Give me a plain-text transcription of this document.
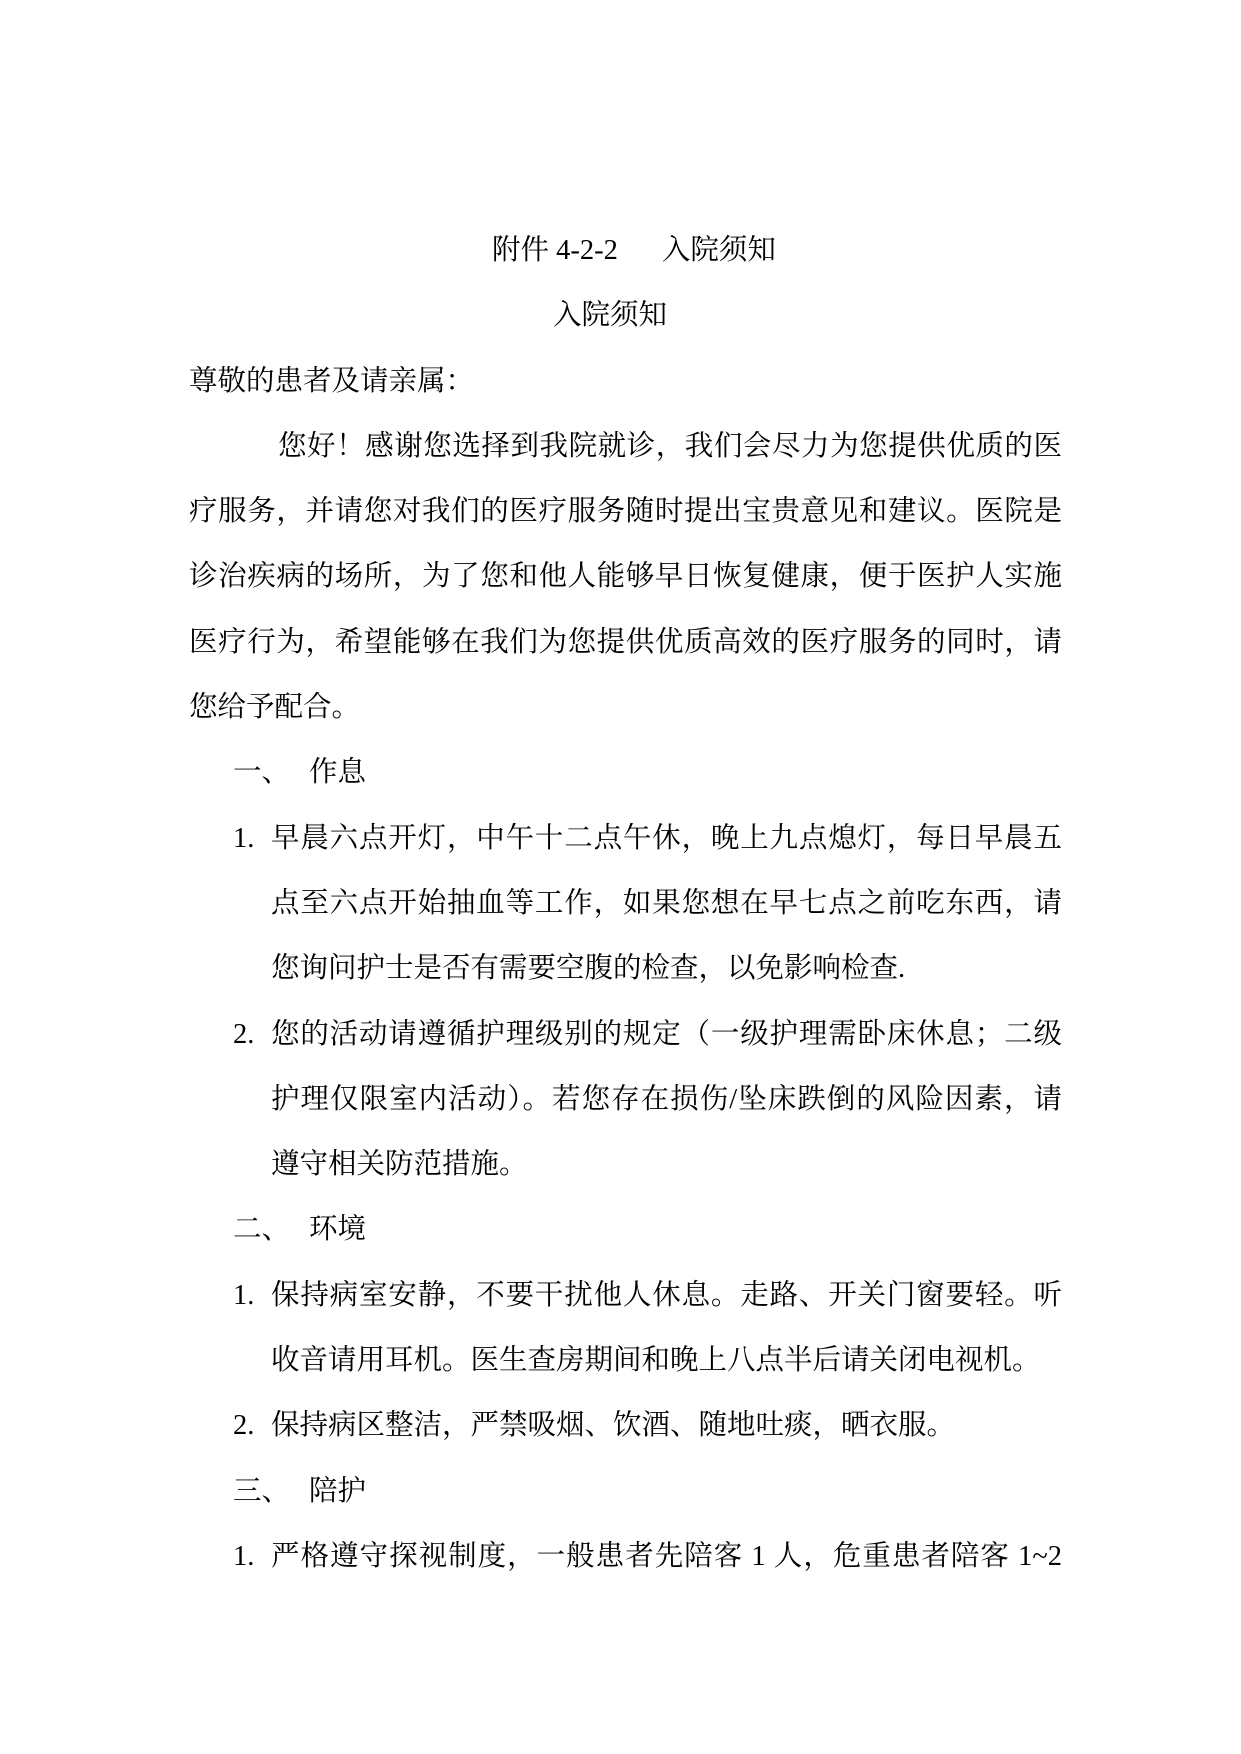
附件 4-2-2 入院须知
入院须知
尊敬的患者及请亲属：
您好！感谢您选择到我院就诊，我们会尽力为您提供优质的医
疗服务，并请您对我们的医疗服务随时提出宝贵意见和建议。医院是
诊治疾病的场所，为了您和他人能够早日恢复健康，便于医护人实施
医疗行为，希望能够在我们为您提供优质高效的医疗服务的同时，请
您给予配合。
一、 作息
1. 早晨六点开灯，中午十二点午休，晚上九点熄灯，每日早晨五
点至六点开始抽血等工作，如果您想在早七点之前吃东西，请
您询问护士是否有需要空腹的检查，以免影响检查.
2. 您的活动请遵循护理级别的规定（一级护理需卧床休息；二级
护理仅限室内活动）。若您存在损伤/坠床跌倒的风险因素，请
遵守相关防范措施。
二、 环境
1. 保持病室安静，不要干扰他人休息。走路、开关门窗要轻。听
收音请用耳机。医生查房期间和晚上八点半后请关闭电视机。
2. 保持病区整洁，严禁吸烟、饮酒、随地吐痰，晒衣服。
三、 陪护
1. 严格遵守探视制度，一般患者先陪客 1 人，危重患者陪客 1~2
